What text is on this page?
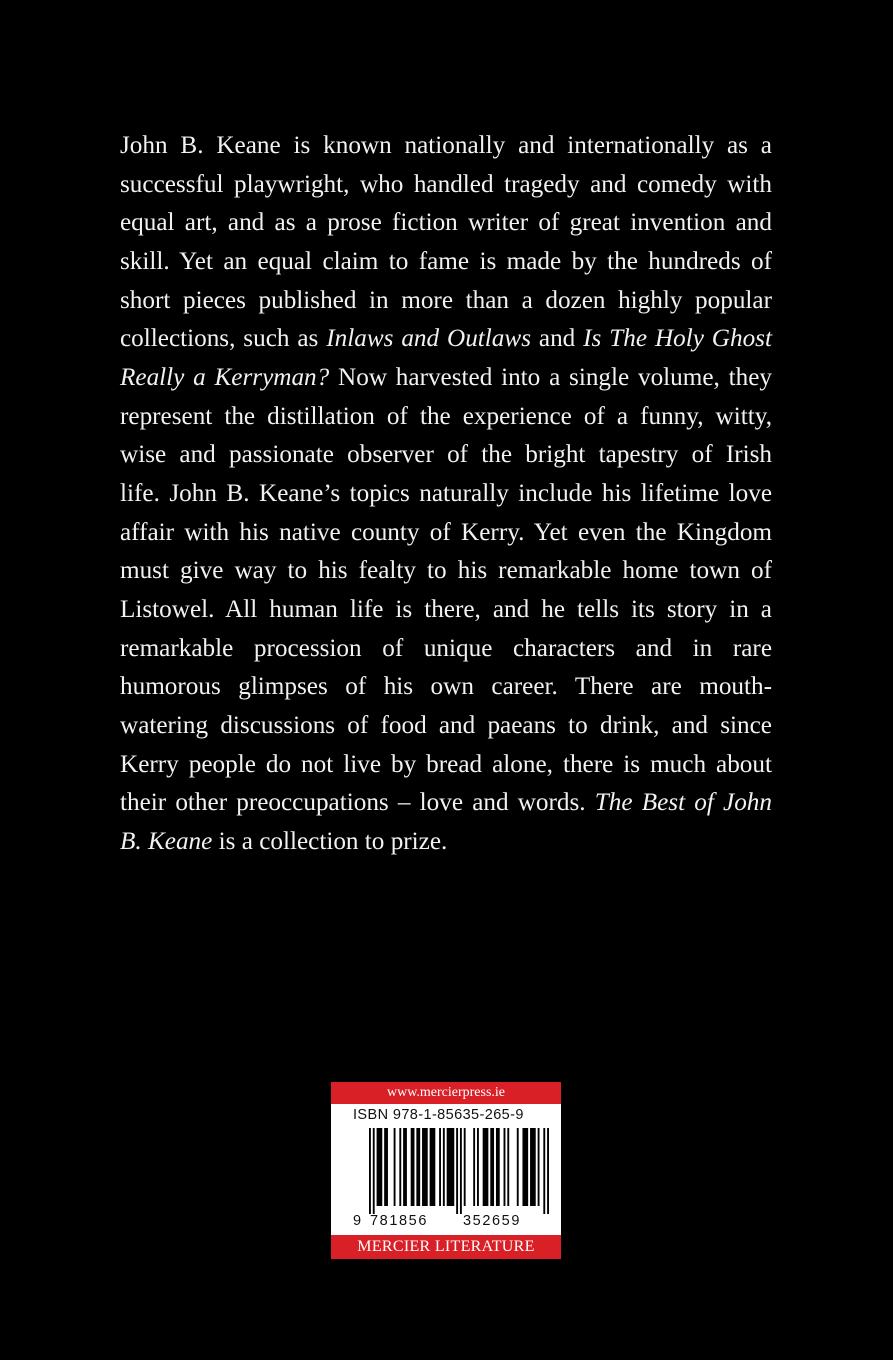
John B. Keane is known nationally and internationally as a
successful playwright, who handled tragedy and comedy with
equal art, and as a prose fiction writer of great invention and
skill. Yet an equal claim to fame is made by the hundreds of
short pieces published in more than a dozen highly popular
collections, such as Inlaws and Outlaws and Is The Holy Ghost
Really a Kerryman? Now harvested into a single volume, they
represent the distillation of the experience of a funny, witty,
wise and passionate observer of the bright tapestry of Irish
life. John B. Keane’s topics naturally include his lifetime love
affair with his native county of Kerry. Yet even the Kingdom
must give way to his fealty to his remarkable home town of
Listowel. All human life is there, and he tells its story in a
remarkable procession of unique characters and in rare
humorous glimpses of his own career. There are mouth-
watering discussions of food and paeans to drink, and since
Kerry people do not live by bread alone, there is much about
their other preoccupations – love and words. The Best of John
B. Keane is a collection to prize.
www.mercierpress.ie
ISBN 978-1-85635-265-9
9 781856 352659
MERCIER LITERATURE
